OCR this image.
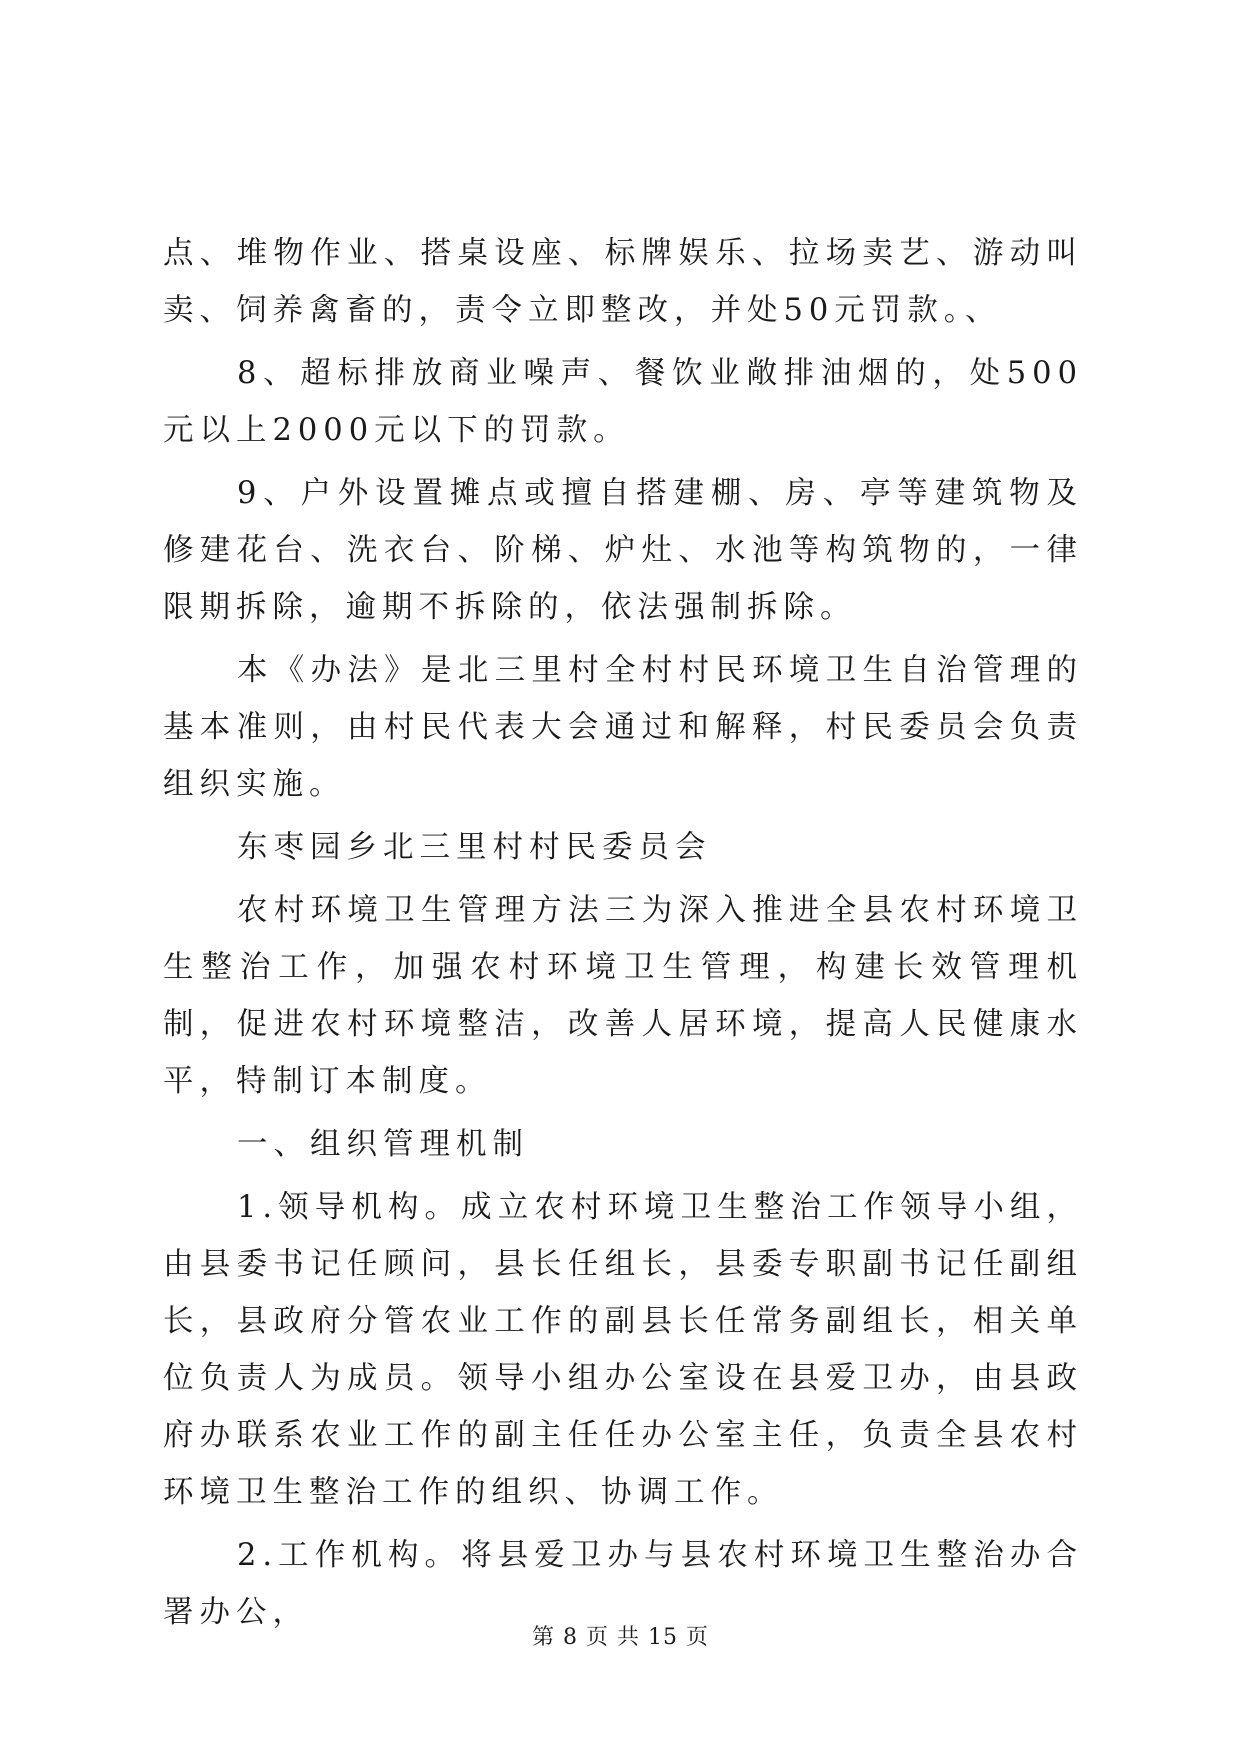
点、堆物作业、搭桌设座、标牌娱乐、拉场卖艺、游动叫卖、饲养禽畜的，责令立即整改，并处50元罚款。、

8、超标排放商业噪声、餐饮业敞排油烟的，处500元以上2000元以下的罚款。

9、户外设置摊点或擅自搭建棚、房、亭等建筑物及修建花台、洗衣台、阶梯、炉灶、水池等构筑物的，一律限期拆除，逾期不拆除的，依法强制拆除。

本《办法》是北三里村全村村民环境卫生自治管理的基本准则，由村民代表大会通过和解释，村民委员会负责组织实施。

东枣园乡北三里村村民委员会

农村环境卫生管理方法三为深入推进全县农村环境卫生整治工作，加强农村环境卫生管理，构建长效管理机制，促进农村环境整洁，改善人居环境，提高人民健康水平，特制订本制度。

一、组织管理机制

1.领导机构。成立农村环境卫生整治工作领导小组，由县委书记任顾问，县长任组长，县委专职副书记任副组长，县政府分管农业工作的副县长任常务副组长，相关单位负责人为成员。领导小组办公室设在县爱卫办，由县政府办联系农业工作的副主任任办公室主任，负责全县农村环境卫生整治工作的组织、协调工作。

2.工作机构。将县爱卫办与县农村环境卫生整治办合署办公，

第 8 页 共 15 页
